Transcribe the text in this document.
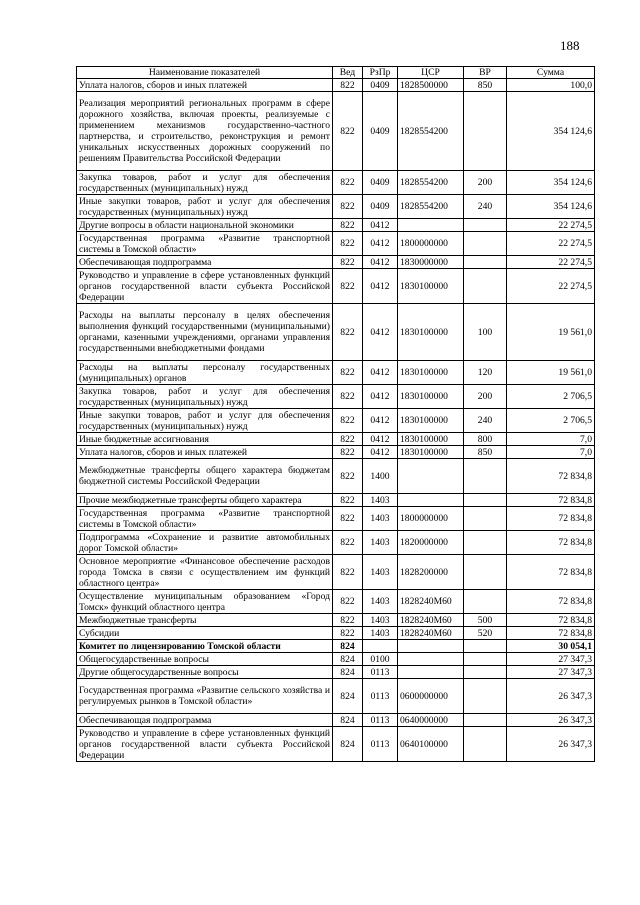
188
Наименование показателей	Вед	РзПр	ЦСР	ВР	Сумма
Уплата налогов, сборов и иных платежей	822	0409	1828500000	850	100,0
Реализация мероприятий региональных программ в сфере дорожного хозяйства, включая проекты, реализуемые с применением механизмов государственно-частного партнерства, и строительство, реконструкция и ремонт уникальных искусственных дорожных сооружений по решениям Правительства Российской Федерации	822	0409	1828554200		354 124,6
Закупка товаров, работ и услуг для обеспечения государственных (муниципальных) нужд	822	0409	1828554200	200	354 124,6
Иные закупки товаров, работ и услуг для обеспечения государственных (муниципальных) нужд	822	0409	1828554200	240	354 124,6
Другие вопросы в области национальной экономики	822	0412			22 274,5
Государственная программа «Развитие транспортной системы в Томской области»	822	0412	1800000000		22 274,5
Обеспечивающая подпрограмма	822	0412	1830000000		22 274,5
Руководство и управление в сфере установленных функций органов государственной власти субъекта Российской Федерации	822	0412	1830100000		22 274,5
Расходы на выплаты персоналу в целях обеспечения выполнения функций государственными (муниципальными) органами, казенными учреждениями, органами управления государственными внебюджетными фондами	822	0412	1830100000	100	19 561,0
Расходы на выплаты персоналу государственных (муниципальных) органов	822	0412	1830100000	120	19 561,0
Закупка товаров, работ и услуг для обеспечения государственных (муниципальных) нужд	822	0412	1830100000	200	2 706,5
Иные закупки товаров, работ и услуг для обеспечения государственных (муниципальных) нужд	822	0412	1830100000	240	2 706,5
Иные бюджетные ассигнования	822	0412	1830100000	800	7,0
Уплата налогов, сборов и иных платежей	822	0412	1830100000	850	7,0
Межбюджетные трансферты общего характера бюджетам бюджетной системы Российской Федерации	822	1400			72 834,8
Прочие межбюджетные трансферты общего характера	822	1403			72 834,8
Государственная программа «Развитие транспортной системы в Томской области»	822	1403	1800000000		72 834,8
Подпрограмма «Сохранение и развитие автомобильных дорог Томской области»	822	1403	1820000000		72 834,8
Основное мероприятие «Финансовое обеспечение расходов города Томска в связи с осуществлением им функций областного центра»	822	1403	1828200000		72 834,8
Осуществление муниципальным образованием «Город Томск» функций областного центра	822	1403	1828240М60		72 834,8
Межбюджетные трансферты	822	1403	1828240М60	500	72 834,8
Субсидии	822	1403	1828240М60	520	72 834,8
Комитет по лицензированию Томской области	824				30 054,1
Общегосударственные вопросы	824	0100			27 347,3
Другие общегосударственные вопросы	824	0113			27 347,3
Государственная программа «Развитие сельского хозяйства и регулируемых рынков в Томской области»	824	0113	0600000000		26 347,3
Обеспечивающая подпрограмма	824	0113	0640000000		26 347,3
Руководство и управление в сфере установленных функций органов государственной власти субъекта Российской Федерации	824	0113	0640100000		26 347,3
